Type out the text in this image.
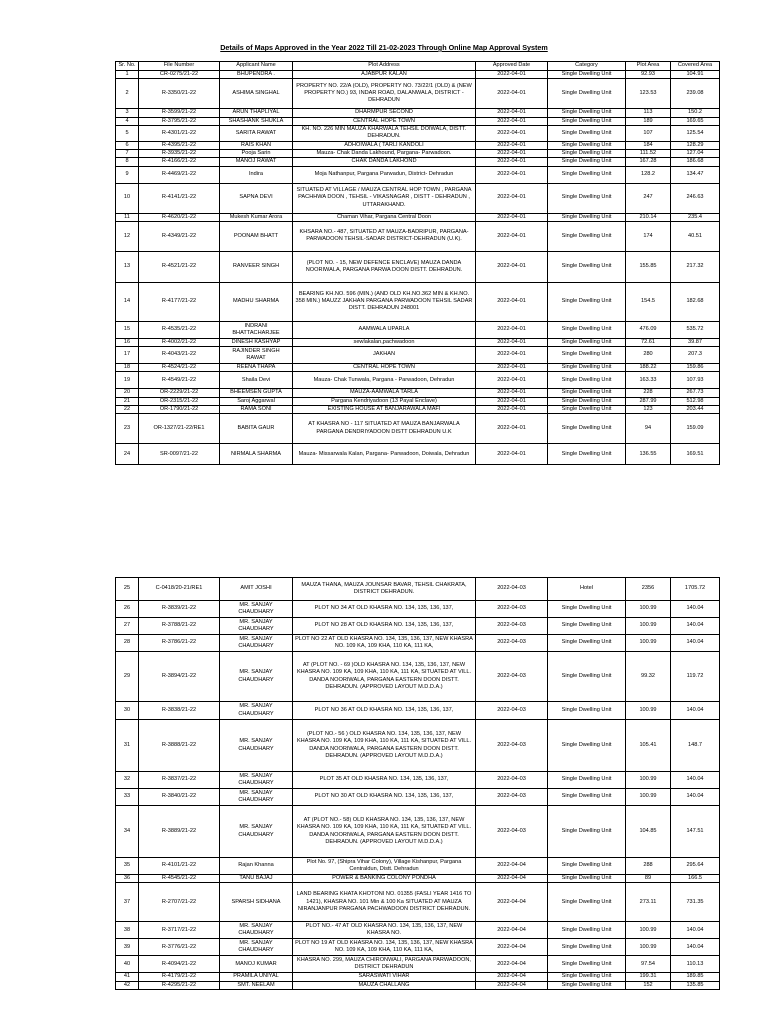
Details of Maps Approved in the Year 2022 Till 21-02-2023 Through Online Map Approval System
Sr. No.	File Number	Applicant Name	Plot Address	Approved Date	Category	Plot Area	Covered Area
1	CR-0275/21-22	BHUPENDRA .	AJABPUR KALAN	2022-04-01	Single Dwelling Unit	92.93	104.91
2	R-3350/21-22	ASHIMA SINGHAL	PROPERTY NO. 22/A (OLD), PROPERTY NO. 73/22/1 (OLD) & (NEW PROPERTY NO.) 93, INDAR ROAD, DALANWALA, DISTRICT - DEHRADUN	2022-04-01	Single Dwelling Unit	123.53	239.08
3	R-3599/21-22	ARUN THAPLIYAL	DHARMPUR SECOND	2022-04-01	Single Dwelling Unit	113	150.2
4	R-3795/21-22	SHASHANK SHUKLA	CENTRAL HOPE TOWN	2022-04-01	Single Dwelling Unit	189	169.65
5	R-4301/21-22	SARITA RAWAT	KH. NO. 226 MIN MAUZA KHARWALA TEHSIL DOIWALA, DISTT. DEHRADUN.	2022-04-01	Single Dwelling Unit	107	125.54
6	R-4395/21-22	RAIS KHAN	ADHOIWALA ( TARLI KANDOLI	2022-04-01	Single Dwelling Unit	184	128.29
7	R-3935/21-22	Pooja Sarin	Mauza- Chak Danda Lakhound, Pargana- Parwadoon.	2022-04-01	Single Dwelling Unit	111.52	127.04
8	R-4166/21-22	MANOJ RAWAT	CHAK DANDA LAKHOND	2022-04-01	Single Dwelling Unit	167.28	186.68
9	R-4469/21-22	Indira	Moja Nathanpur, Pargana Parwadun, District- Dehradun	2022-04-01	Single Dwelling Unit	128.2	134.47
10	R-4141/21-22	SAPNA DEVI	SITUATED AT VILLAGE / MAUZA CENTRAL HOP TOWN , PARGANA PACHHWA DOON , TEHSIL - VIKASNAGAR , DISTT - DEHRADUN , UTTARAKHAND.	2022-04-01	Single Dwelling Unit	247	246.63
11	R-4620/21-22	Mukesh Kumar Arora	Chaman Vihar, Pargana Central Doon	2022-04-01	Single Dwelling Unit	210.14	235.4
12	R-4349/21-22	POONAM BHATT	KHSARA NO.- 487, SITUATED AT MAUZA-BADRIPUR, PARGANA-PARWADOON TEHSIL-SADAR DISTRICT-DEHRADUN (U.K).	2022-04-01	Single Dwelling Unit	174	40.51
13	R-4521/21-22	RANVEER SINGH	(PLOT NO. - 15, NEW DEFENCE ENCLAVE) MAUZA DANDA NOORIWALA, PARGANA PARWA DOON DISTT. DEHRADUN.	2022-04-01	Single Dwelling Unit	155.85	217.32
14	R-4177/21-22	MADHU SHARMA	BEARING KH.NO. 596 (MIN.) (AND OLD KH.NO.362 MIN & KH.NO. 358 MIN.) MAUZZ JAKHAN PARGANA PARWADOON TEHSIL SADAR DISTT. DEHRADUN 248001	2022-04-01	Single Dwelling Unit	154.5	182.68
15	R-4535/21-22	INDRANI BHATTACHARJEE	AAMWALA UPARLA	2022-04-01	Single Dwelling Unit	476.09	535.72
16	R-4002/21-22	DINESH KASHYAP	sewlakalan,pachwadoon	2022-04-01	Single Dwelling Unit	72.61	39.87
17	R-4043/21-22	RAJINDER SINGH RAWAT	JAKHAN	2022-04-01	Single Dwelling Unit	280	207.3
18	R-4524/21-22	REENA THAPA	CENTRAL HOPE TOWN	2022-04-01	Single Dwelling Unit	188.22	159.86
19	R-4549/21-22	Shaila Devi	Mauza- Chak Tunwala, Pargana - Parwadoon, Dehradun	2022-04-01	Single Dwelling Unit	163.33	107.93
20	OR-2229/21-22	BHEEMSEN GUPTA	MAUZA-AAMWALA TARLA	2022-04-01	Single Dwelling Unit	228	267.73
21	OR-2315/21-22	Saroj Aggarwal	Pargana Kendriyadoon (13 Payal Enclave)	2022-04-01	Single Dwelling Unit	287.99	512.98
22	OR-1790/21-22	RAMA SONI	EXISTING HOUSE AT BANJARAWALA MAFI	2022-04-01	Single Dwelling Unit	123	203.44
23	OR-1327/21-22/RE1	BABITA GAUR	AT KHASRA NO - 117 SITUATED AT MAUZA BANJARWALA PARGANA DENDRIYADOON DISTT DEHRADUN U.K	2022-04-01	Single Dwelling Unit	94	159.09
24	SR-0097/21-22	NIRMALA SHARMA	Mauza- Missarwala Kalan, Pargana- Parwadoon, Doiwala, Dehradun	2022-04-01	Single Dwelling Unit	136.55	169.51
25	C-0418/20-21/RE1	AMIT JOSHI	MAUZA THANA, MAUZA JOUNSAR BAVAR, TEHSIL CHAKRATA, DISTRICT DEHRADUN.	2022-04-03	Hotel	2356	1705.72
26	R-3839/21-22	MR. SANJAY CHAUDHARY	PLOT NO 34 AT OLD KHASRA NO. 134, 135, 136, 137,	2022-04-03	Single Dwelling Unit	100.99	140.04
27	R-3788/21-22	MR. SANJAY CHAUDHARY	PLOT NO 28 AT OLD KHASRA NO. 134, 135, 136, 137,	2022-04-03	Single Dwelling Unit	100.99	140.04
28	R-3786/21-22	MR. SANJAY CHAUDHARY	PLOT NO 22 AT OLD KHASRA NO. 134, 135, 136, 137, NEW KHASRA NO. 109 KA, 109 KHA, 110 KA, 111 KA,	2022-04-03	Single Dwelling Unit	100.99	140.04
29	R-3894/21-22	MR. SANJAY CHAUDHARY	AT (PLOT NO. - 69 )OLD KHASRA NO. 134, 135, 136, 137, NEW KHASRA NO. 109 KA, 109 KHA, 110 KA, 111 KA, SITUATED AT VILL. DANDA NOORIWALA, PARGANA EASTERN DOON DISTT. DEHRADUN. (APPROVED LAYOUT M.D.D.A.)	2022-04-03	Single Dwelling Unit	99.32	119.72
30	R-3838/21-22	MR. SANJAY CHAUDHARY	PLOT NO 36 AT OLD KHASRA NO. 134, 135, 136, 137,	2022-04-03	Single Dwelling Unit	100.99	140.04
31	R-3888/21-22	MR. SANJAY CHAUDHARY	(PLOT NO.- 56 ) OLD KHASRA NO. 134, 135, 136, 137, NEW KHASRA NO. 109 KA, 109 KHA, 110 KA, 111 KA, SITUATED AT VILL. DANDA NOORIWALA, PARGANA EASTERN DOON DISTT. DEHRADUN. (APPROVED LAYOUT M.D.D.A.)	2022-04-03	Single Dwelling Unit	105.41	148.7
32	R-3837/21-22	MR. SANJAY CHAUDHARY	PLOT 35 AT OLD KHASRA NO. 134, 135, 136, 137,	2022-04-03	Single Dwelling Unit	100.99	140.04
33	R-3840/21-22	MR. SANJAY CHAUDHARY	PLOT NO 30 AT OLD KHASRA NO. 134, 135, 136, 137,	2022-04-03	Single Dwelling Unit	100.99	140.04
34	R-3889/21-22	MR. SANJAY CHAUDHARY	AT (PLOT NO.- 58) OLD KHASRA NO. 134, 135, 136, 137, NEW KHASRA NO. 109 KA, 109 KHA, 110 KA, 111 KA, SITUATED AT VILL. DANDA NOORIWALA, PARGANA EASTERN DOON DISTT. DEHRADUN. (APPROVED LAYOUT M.D.D.A.)	2022-04-03	Single Dwelling Unit	104.85	147.51
35	R-4101/21-22	Rajan Khanna	Plot No. 97, (Shipra Vihar Colony), Village Kishanpur, Pargana Centraldun, Distt. Dehradun	2022-04-04	Single Dwelling Unit	288	295.64
36	R-4545/21-22	TANU BAJAJ	POWER & BANKING COLONY PONDHA	2022-04-04	Single Dwelling Unit	89	166.5
37	R-2707/21-22	SPARSH SIDHANA	LAND BEARING KHATA KHOTONI NO. 01355 (FASLI YEAR 1416 TO 1421), KHASRA NO. 101 Min & 100 Ka SITUATED AT MAUZA NIRANJANPUR PARGANA PACHWADOON DISTRICT DEHRADUN.	2022-04-04	Single Dwelling Unit	273.11	731.35
38	R-3717/21-22	MR. SANJAY CHAUDHARY	PLOT NO.- 47 AT OLD KHASRA NO. 134, 135, 136, 137, NEW KHASRA NO.	2022-04-04	Single Dwelling Unit	100.99	140.04
39	R-3776/21-22	MR. SANJAY CHAUDHARY	PLOT NO 19 AT OLD KHASRA NO. 134, 135, 136, 137, NEW KHASRA NO. 109 KA, 109 KHA, 110 KA, 111 KA,	2022-04-04	Single Dwelling Unit	100.99	140.04
40	R-4094/21-22	MANOJ KUMAR	KHASRA NO. 299, MAUZA CHIRONWALI, PARGANA PARWADOON, DISTRICT DEHRADUN	2022-04-04	Single Dwelling Unit	97.54	110.13
41	R-4179/21-22	PRAMILA UNIYAL	SARASWATI VIHAR	2022-04-04	Single Dwelling Unit	199.31	189.85
42	R-4295/21-22	SMT. NEELAM	MAUZA CHALLANG	2022-04-04	Single Dwelling Unit	152	135.85
